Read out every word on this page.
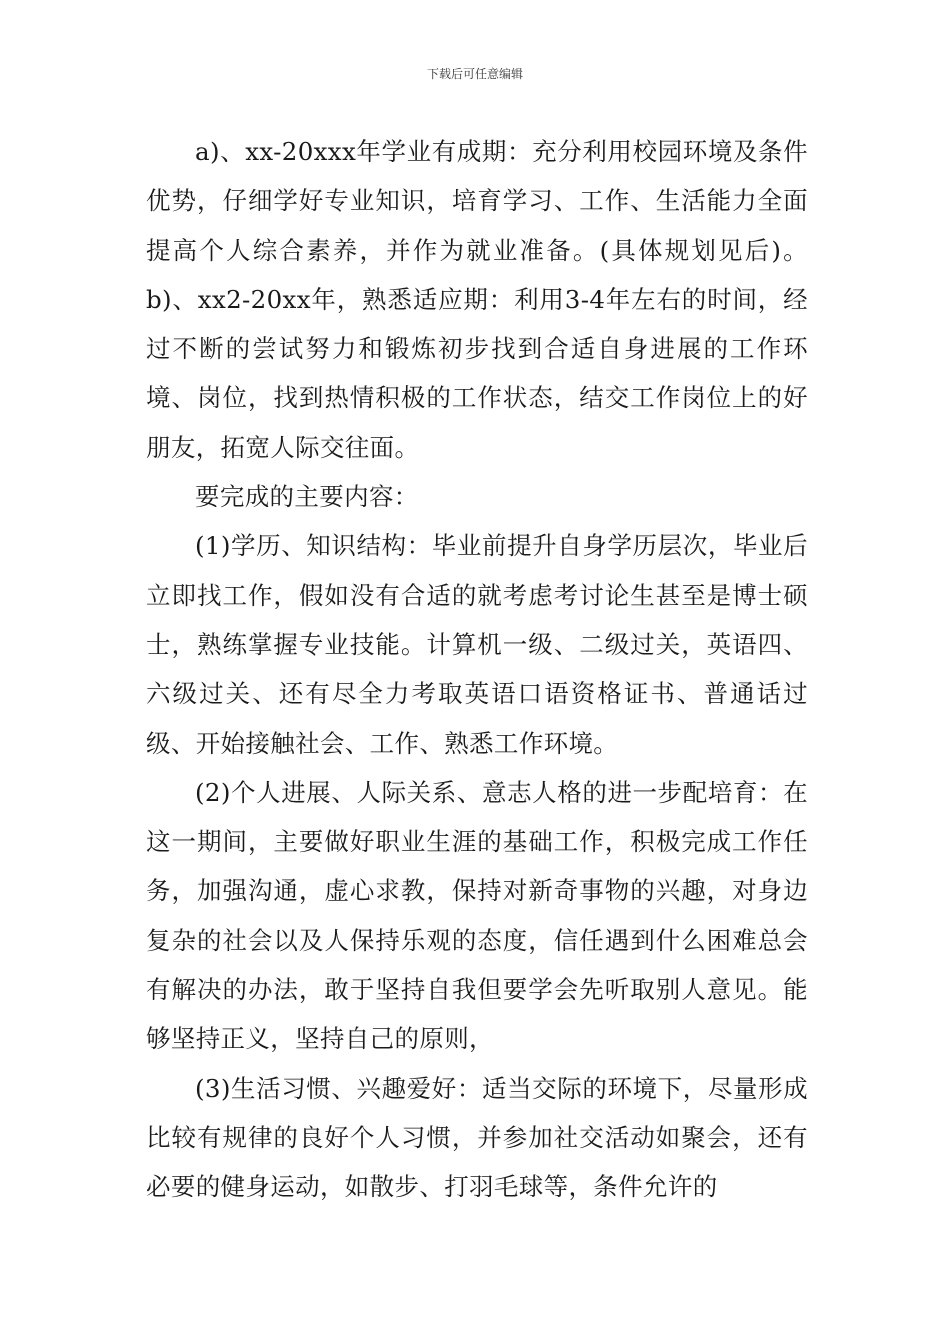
下载后可任意编辑

a)、xx-20xxx年学业有成期：充分利用校园环境及条件优势，仔细学好专业知识，培育学习、工作、生活能力全面提高个人综合素养，并作为就业准备。(具体规划见后)。b)、xx2-20xx年，熟悉适应期：利用3-4年左右的时间，经过不断的尝试努力和锻炼初步找到合适自身进展的工作环境、岗位，找到热情积极的工作状态，结交工作岗位上的好朋友，拓宽人际交往面。

要完成的主要内容：

(1)学历、知识结构：毕业前提升自身学历层次，毕业后立即找工作，假如没有合适的就考虑考讨论生甚至是博士硕士，熟练掌握专业技能。计算机一级、二级过关，英语四、六级过关、还有尽全力考取英语口语资格证书、普通话过级、开始接触社会、工作、熟悉工作环境。

(2)个人进展、人际关系、意志人格的进一步配培育：在这一期间，主要做好职业生涯的基础工作，积极完成工作任务，加强沟通，虚心求教，保持对新奇事物的兴趣，对身边复杂的社会以及人保持乐观的态度，信任遇到什么困难总会有解决的办法，敢于坚持自我但要学会先听取别人意见。能够坚持正义，坚持自己的原则，

(3)生活习惯、兴趣爱好：适当交际的环境下，尽量形成比较有规律的良好个人习惯，并参加社交活动如聚会，还有必要的健身运动，如散步、打羽毛球等，条件允许的
